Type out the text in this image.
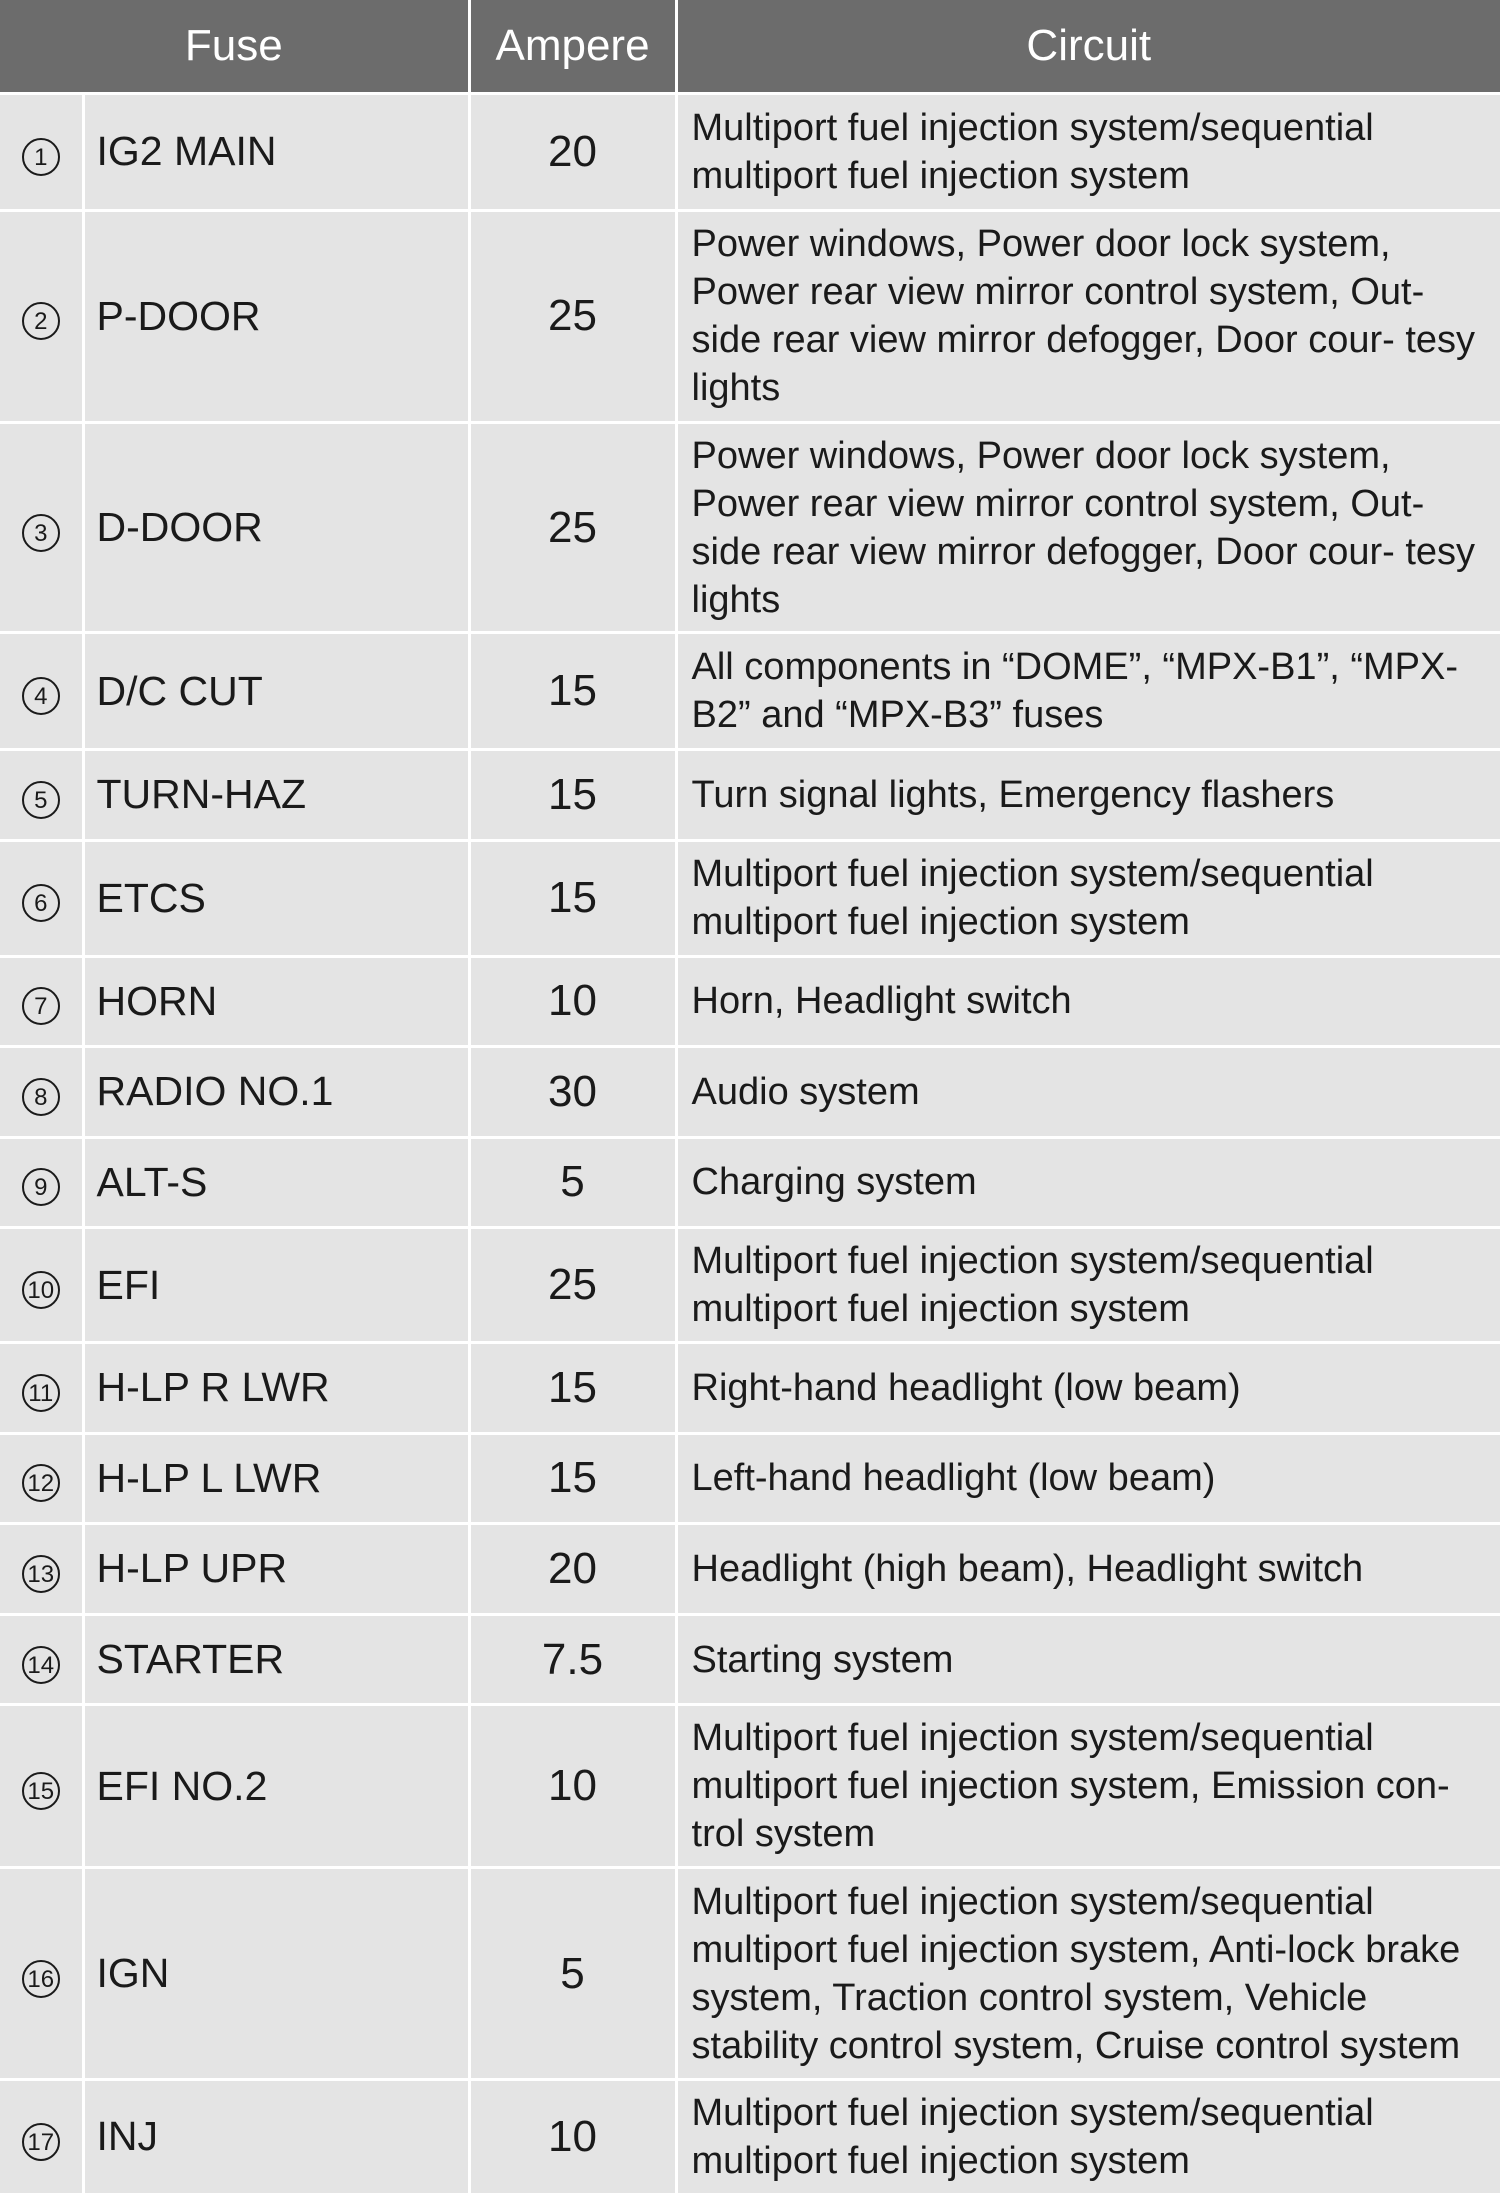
Fuse		Ampere	Circuit
1	IG2 MAIN	20	Multiport fuel injection system/sequential multiport fuel injection system
2	P-DOOR	25	Power windows, Power door lock system, Power rear view mirror control system, Out- side rear view mirror defogger, Door cour- tesy lights
3	D-DOOR	25	Power windows, Power door lock system, Power rear view mirror control system, Out- side rear view mirror defogger, Door cour- tesy lights
4	D/C CUT	15	All components in “DOME”, “MPX-B1”, “MPX-B2” and “MPX-B3” fuses
5	TURN-HAZ	15	Turn signal lights, Emergency flashers
6	ETCS	15	Multiport fuel injection system/sequential multiport fuel injection system
7	HORN	10	Horn, Headlight switch
8	RADIO NO.1	30	Audio system
9	ALT-S	5	Charging system
10	EFI	25	Multiport fuel injection system/sequential multiport fuel injection system
11	H-LP R LWR	15	Right-hand headlight (low beam)
12	H-LP L LWR	15	Left-hand headlight (low beam)
13	H-LP UPR	20	Headlight (high beam), Headlight switch
14	STARTER	7.5	Starting system
15	EFI NO.2	10	Multiport fuel injection system/sequential multiport fuel injection system, Emission con- trol system
16	IGN	5	Multiport fuel injection system/sequential multiport fuel injection system, Anti-lock brake system, Traction control system, Vehicle stability control system, Cruise control system
17	INJ	10	Multiport fuel injection system/sequential multiport fuel injection system
